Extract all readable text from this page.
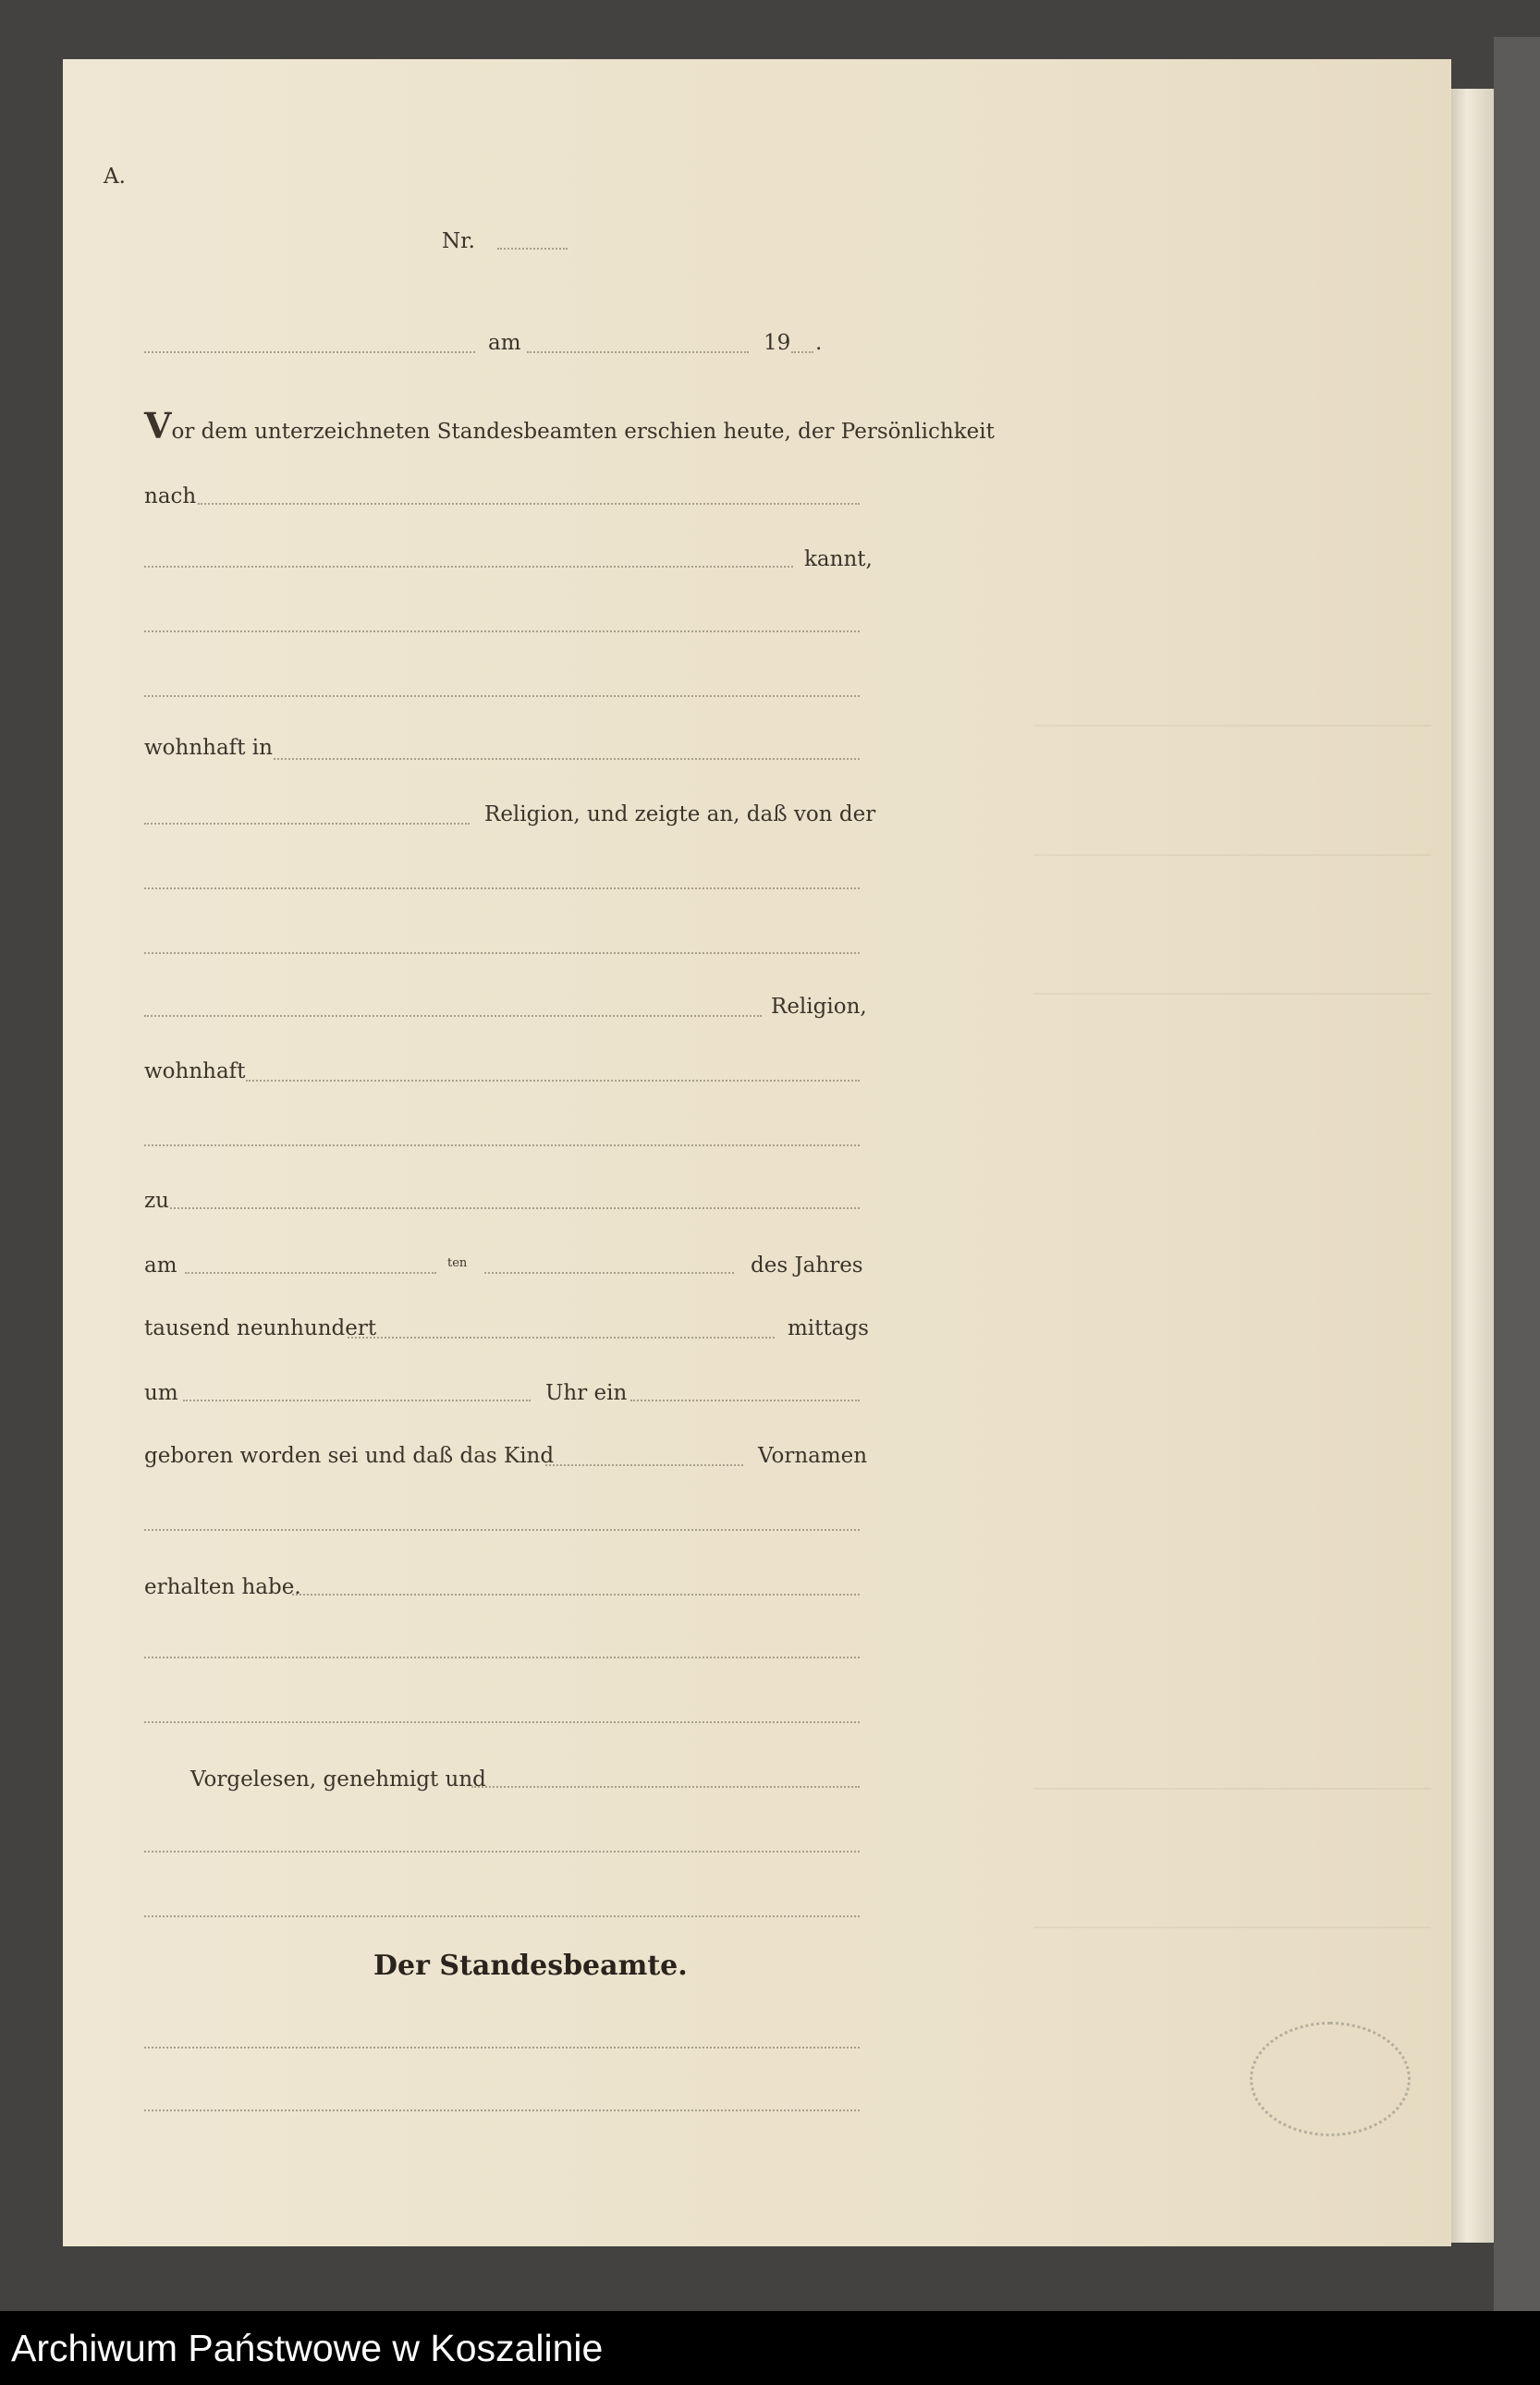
A.
Nr.
am	19 .
Vor dem unterzeichneten Standesbeamten erschien heute, der Persönlichkeit
nach
kannt,
wohnhaft in
Religion, und zeigte an, daß von der
Religion,
wohnhaft
zu
am	ten	des Jahres
tausend neunhundert	mittags
um	Uhr ein
geboren worden sei und daß das Kind	Vornamen
erhalten habe.
Vorgelesen, genehmigt und
Der Standesbeamte.
Archiwum Państwowe w Koszalinie
